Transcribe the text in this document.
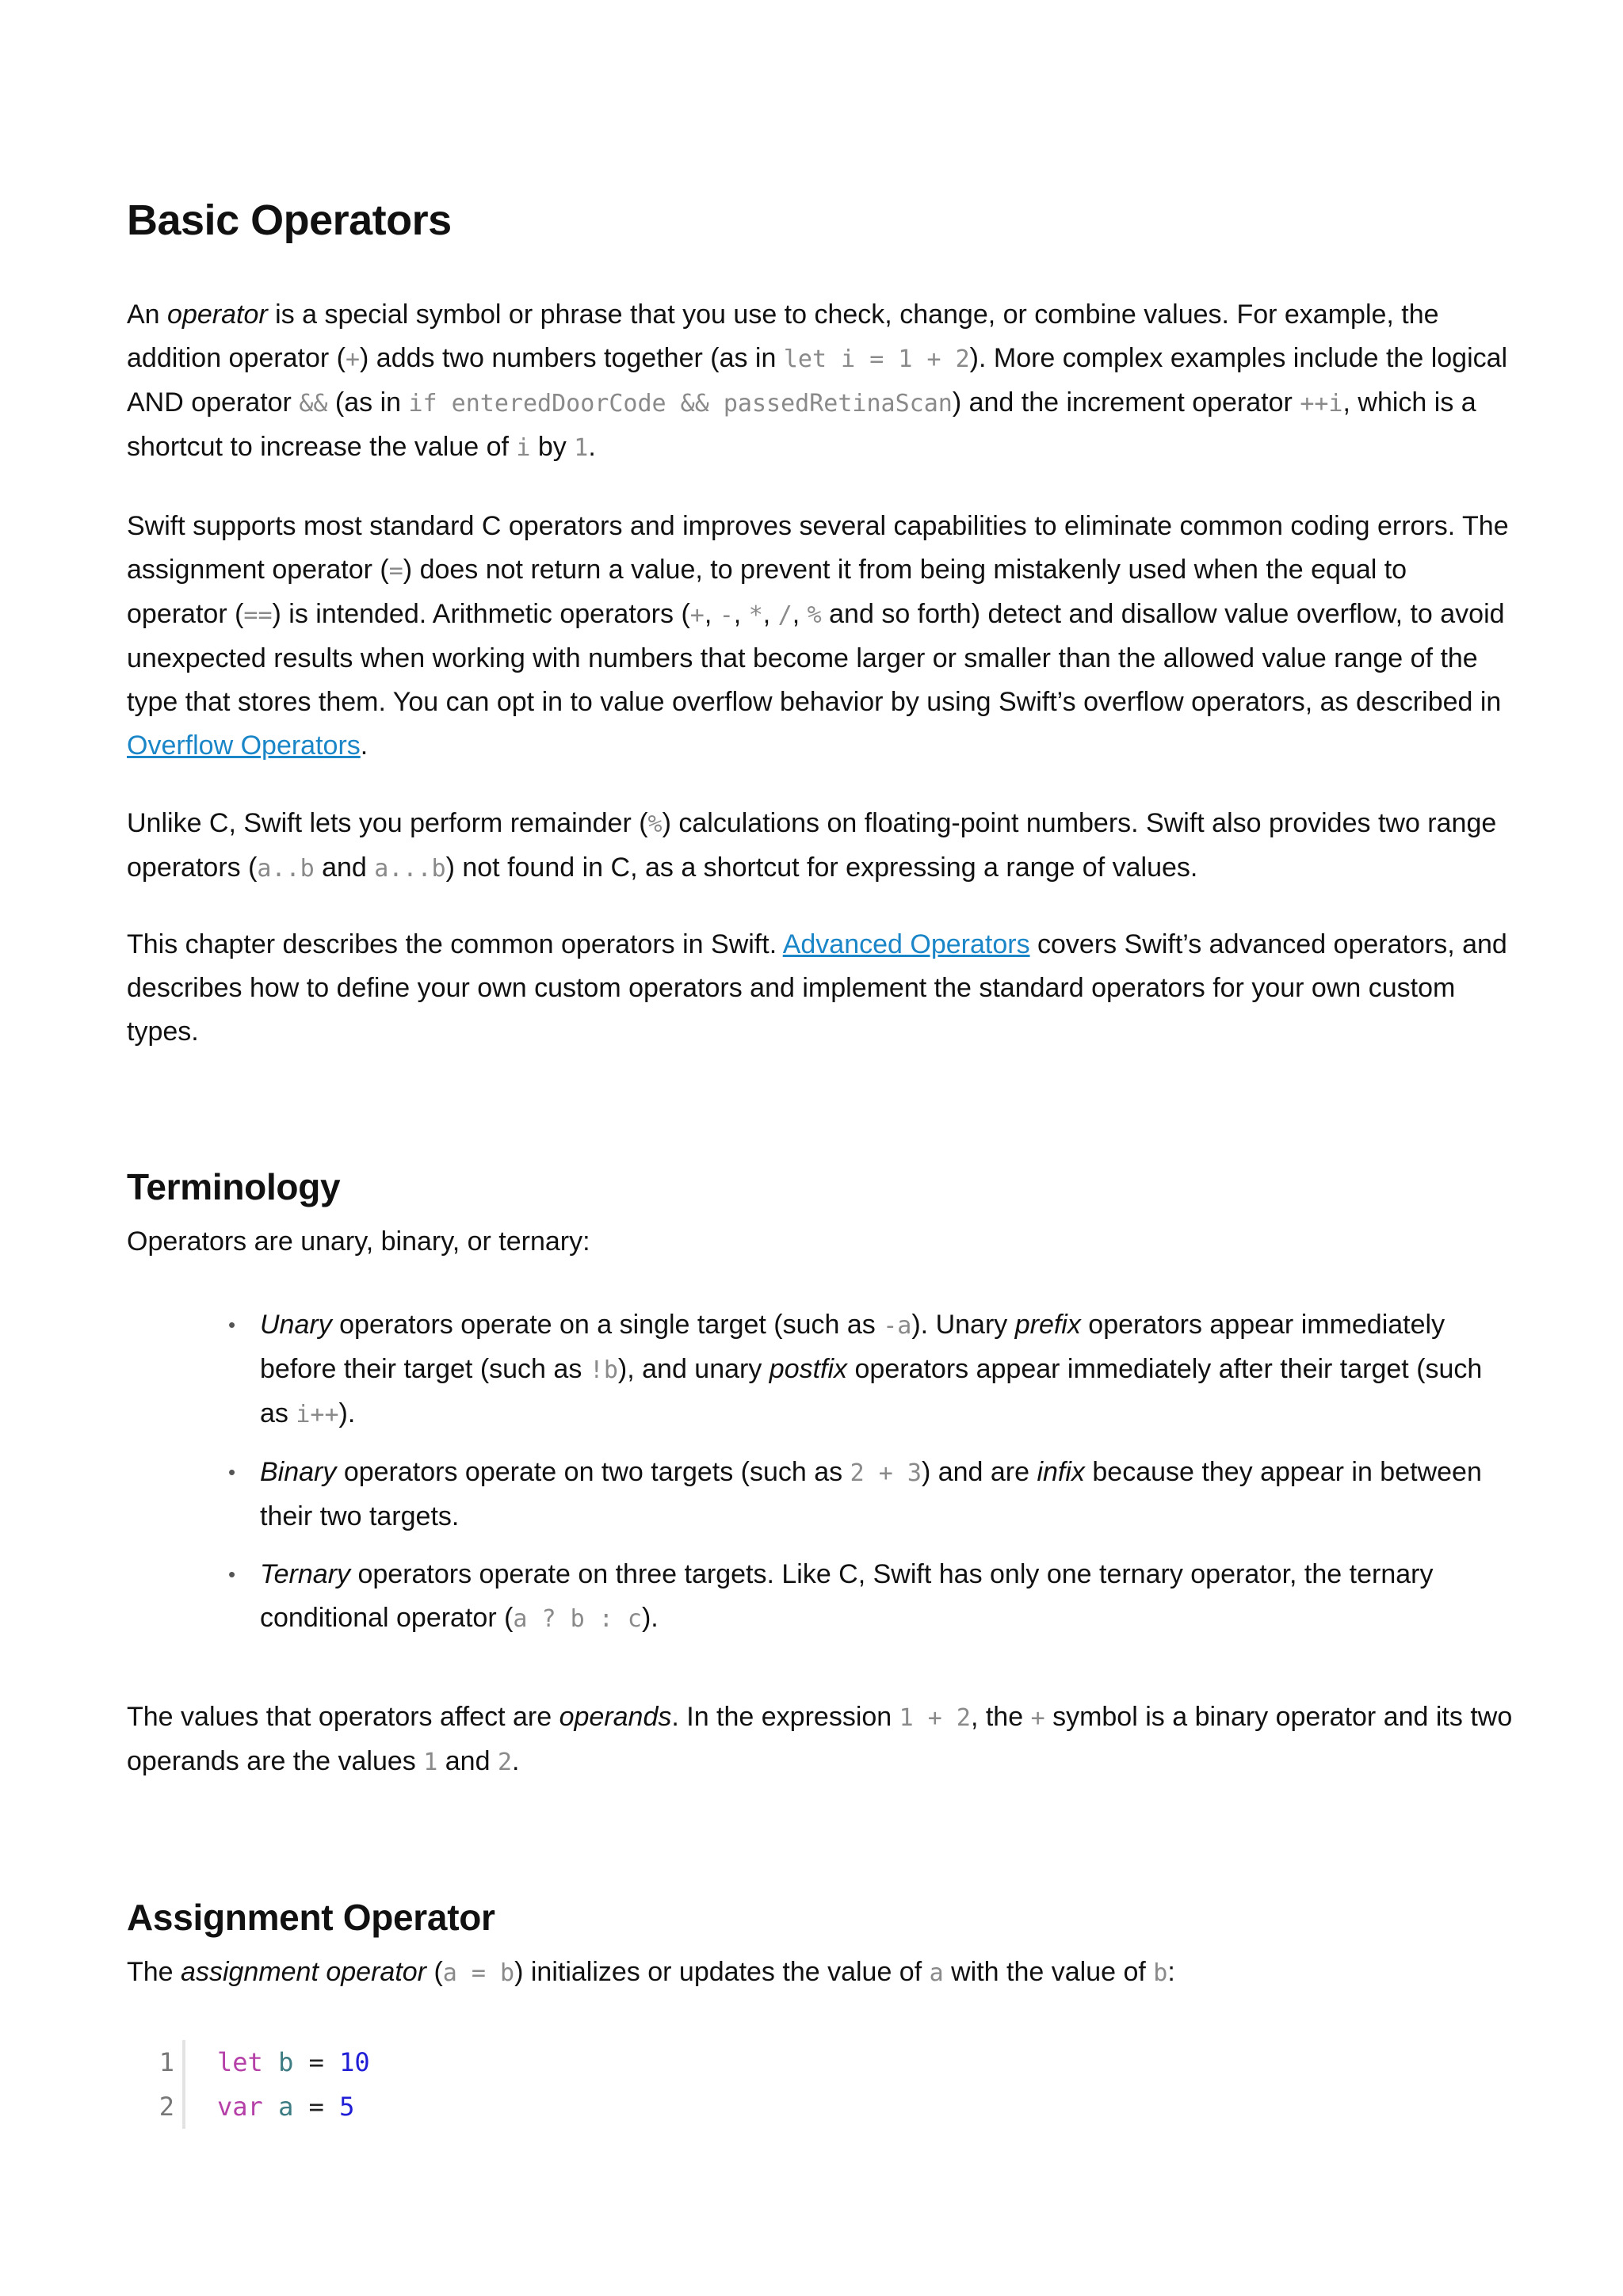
Basic Operators

An operator is a special symbol or phrase that you use to check, change, or combine values. For example, the addition operator (+) adds two numbers together (as in let i = 1 + 2). More complex examples include the logical AND operator && (as in if enteredDoorCode && passedRetinaScan) and the increment operator ++i, which is a shortcut to increase the value of i by 1.

Swift supports most standard C operators and improves several capabilities to eliminate common coding errors. The assignment operator (=) does not return a value, to prevent it from being mistakenly used when the equal to operator (==) is intended. Arithmetic operators (+, -, *, /, % and so forth) detect and disallow value overflow, to avoid unexpected results when working with numbers that become larger or smaller than the allowed value range of the type that stores them. You can opt in to value overflow behavior by using Swift’s overflow operators, as described in Overflow Operators.

Unlike C, Swift lets you perform remainder (%) calculations on floating-point numbers. Swift also provides two range operators (a..b and a...b) not found in C, as a shortcut for expressing a range of values.

This chapter describes the common operators in Swift. Advanced Operators covers Swift’s advanced operators, and describes how to define your own custom operators and implement the standard operators for your own custom types.

Terminology

Operators are unary, binary, or ternary:

• Unary operators operate on a single target (such as -a). Unary prefix operators appear immediately before their target (such as !b), and unary postfix operators appear immediately after their target (such as i++).
• Binary operators operate on two targets (such as 2 + 3) and are infix because they appear in between their two targets.
• Ternary operators operate on three targets. Like C, Swift has only one ternary operator, the ternary conditional operator (a ? b : c).

The values that operators affect are operands. In the expression 1 + 2, the + symbol is a binary operator and its two operands are the values 1 and 2.

Assignment Operator

The assignment operator (a = b) initializes or updates the value of a with the value of b:

1	let
b
=
10
2	var
a
=
5
